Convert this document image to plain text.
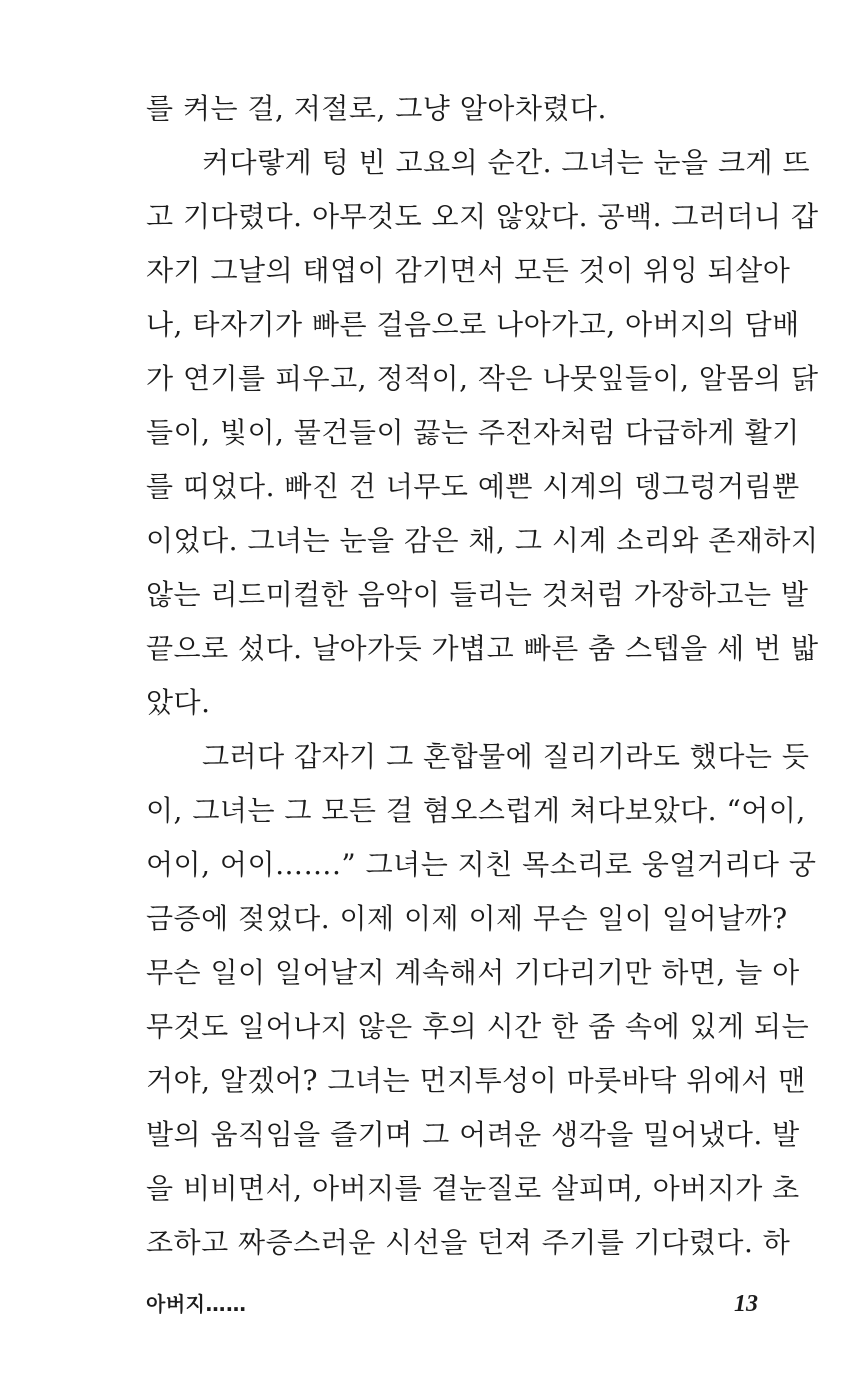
를 켜는 걸, 저절로, 그냥 알아차렸다.
커다랗게 텅 빈 고요의 순간. 그녀는 눈을 크게 뜨
고 기다렸다. 아무것도 오지 않았다. 공백. 그러더니 갑
자기 그날의 태엽이 감기면서 모든 것이 위잉 되살아
나, 타자기가 빠른 걸음으로 나아가고, 아버지의 담배
가 연기를 피우고, 정적이, 작은 나뭇잎들이, 알몸의 닭
들이, 빛이, 물건들이 끓는 주전자처럼 다급하게 활기
를 띠었다. 빠진 건 너무도 예쁜 시계의 뎅그렁거림뿐
이었다. 그녀는 눈을 감은 채, 그 시계 소리와 존재하지
않는 리드미컬한 음악이 들리는 것처럼 가장하고는 발
끝으로 섰다. 날아가듯 가볍고 빠른 춤 스텝을 세 번 밟
았다.
그러다 갑자기 그 혼합물에 질리기라도 했다는 듯
이, 그녀는 그 모든 걸 혐오스럽게 쳐다보았다. “어이,
어이, 어이…….” 그녀는 지친 목소리로 웅얼거리다 궁
금증에 젖었다. 이제 이제 이제 무슨 일이 일어날까?
무슨 일이 일어날지 계속해서 기다리기만 하면, 늘 아
무것도 일어나지 않은 후의 시간 한 줌 속에 있게 되는
거야, 알겠어? 그녀는 먼지투성이 마룻바닥 위에서 맨
발의 움직임을 즐기며 그 어려운 생각을 밀어냈다. 발
을 비비면서, 아버지를 곁눈질로 살피며, 아버지가 초
조하고 짜증스러운 시선을 던져 주기를 기다렸다. 하
아버지……	13
